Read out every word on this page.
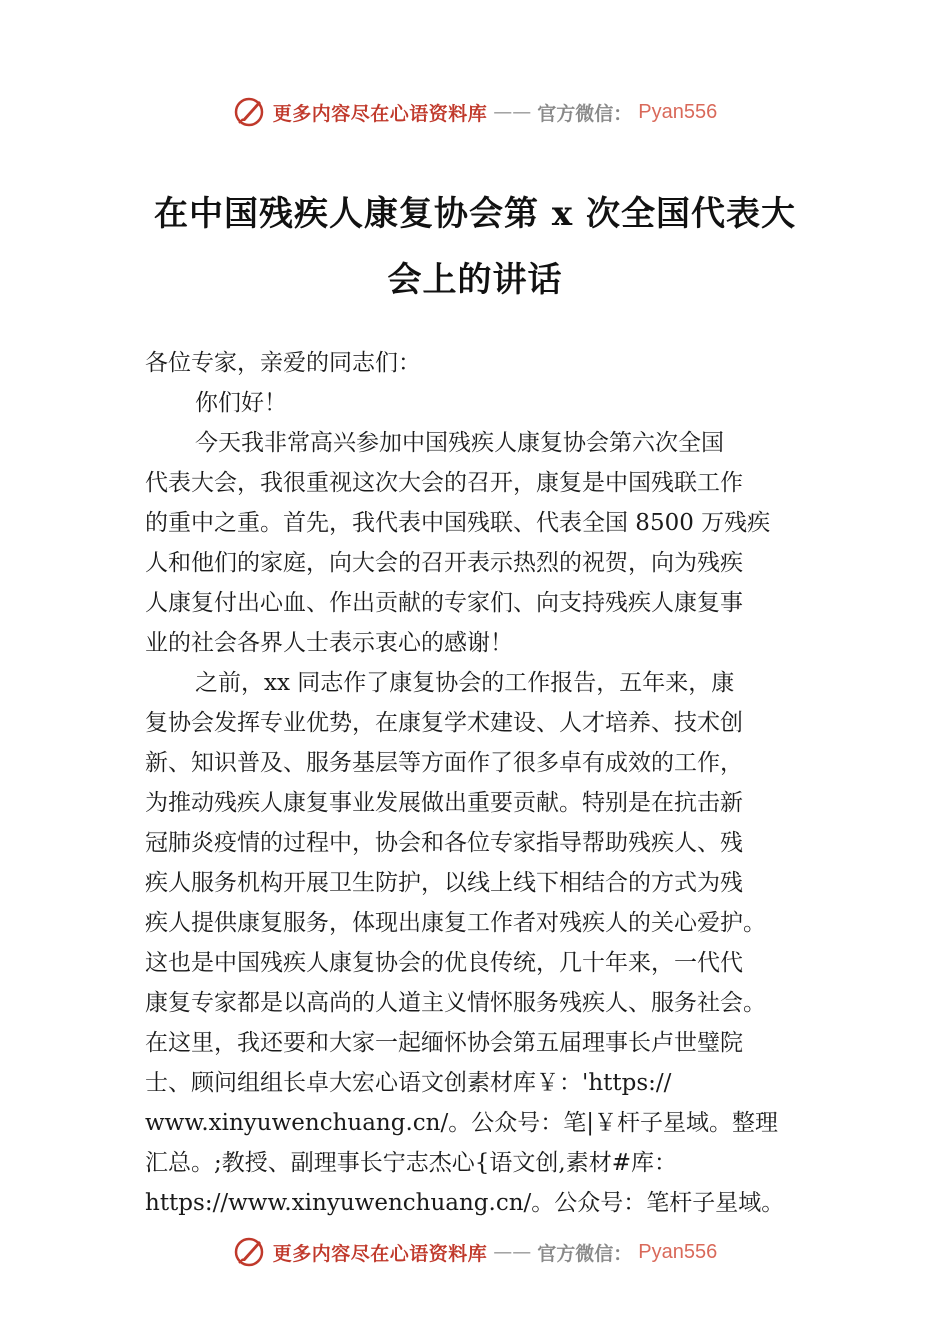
更多内容尽在心语资料库 —— 官方微信： Pyan556
在中国残疾人康复协会第 x 次全国代表大
会上的讲话
各位专家，亲爱的同志们：
你们好！
今天我非常高兴参加中国残疾人康复协会第六次全国
代表大会，我很重视这次大会的召开，康复是中国残联工作
的重中之重。首先，我代表中国残联、代表全国 8500 万残疾
人和他们的家庭，向大会的召开表示热烈的祝贺，向为残疾
人康复付出心血、作出贡献的专家们、向支持残疾人康复事
业的社会各界人士表示衷心的感谢！
之前，xx 同志作了康复协会的工作报告，五年来，康
复协会发挥专业优势，在康复学术建设、人才培养、技术创
新、知识普及、服务基层等方面作了很多卓有成效的工作，
为推动残疾人康复事业发展做出重要贡献。特别是在抗击新
冠肺炎疫情的过程中，协会和各位专家指导帮助残疾人、残
疾人服务机构开展卫生防护，以线上线下相结合的方式为残
疾人提供康复服务，体现出康复工作者对残疾人的关心爱护。
这也是中国残疾人康复协会的优良传统，几十年来，一代代
康复专家都是以高尚的人道主义情怀服务残疾人、服务社会。
在这里，我还要和大家一起缅怀协会第五届理事长卢世璧院
士、顾问组组长卓大宏心语文创素材库￥：'https://
www.xinyuwenchuang.cn/。公众号：笔|￥杆子星域。整理
汇总。;教授、副理事长宁志杰心{语文创,素材#库：
https://www.xinyuwenchuang.cn/。公众号：笔杆子星域。
更多内容尽在心语资料库 —— 官方微信： Pyan556
